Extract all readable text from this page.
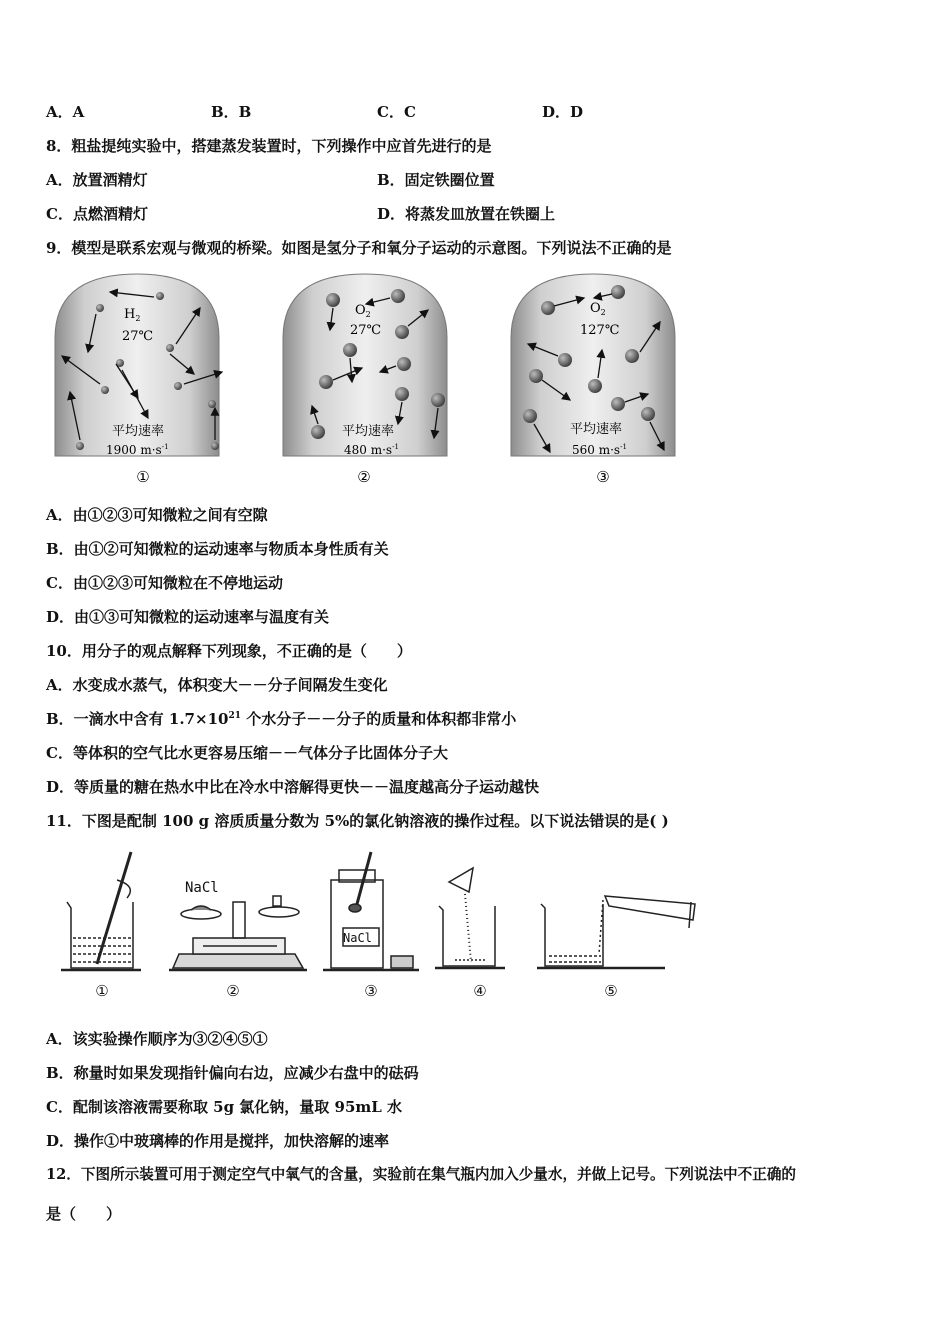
A．A	B．B	C．C	D．D
8．粗盐提纯实验中，搭建蒸发装置时，下列操作中应首先进行的是
A．放置酒精灯	B．固定铁圈位置
C．点燃酒精灯	D．将蒸发皿放置在铁圈上
9．模型是联系宏观与微观的桥梁。如图是氢分子和氧分子运动的示意图。下列说法不正确的是
$H_2$
27℃
平均速率
1900 $m\cdot s^{-1}$
①
$O_2$
27℃
平均速率
480 $m\cdot s^{-1}$
②
$O_2$
127℃
平均速率
560 $m\cdot s^{-1}$
③
A．由①②③可知微粒之间有空隙
B．由①②可知微粒的运动速率与物质本身性质有关
C．由①②③可知微粒在不停地运动
D．由①③可知微粒的运动速率与温度有关
10．用分子的观点解释下列现象，不正确的是（　　）
A．水变成水蒸气，体积变大－－分子间隔发生变化
B．一滴水中含有 $1.7\times 10^{21}$ 个水分子－－分子的质量和体积都非常小
C．等体积的空气比水更容易压缩－－气体分子比固体分子大
D．等质量的糖在热水中比在冷水中溶解得更快－－温度越高分子运动越快
11．下图是配制 100 g 溶质质量分数为 5%的氯化钠溶液的操作过程。以下说法错误的是( )
NaCl
NaCl
①	②	③	④	⑤
A．该实验操作顺序为③②④⑤①
B．称量时如果发现指针偏向右边，应减少右盘中的砝码
C．配制该溶液需要称取 5g 氯化钠，量取 95mL 水
D．操作①中玻璃棒的作用是搅拌，加快溶解的速率
12．下图所示装置可用于测定空气中氧气的含量，实验前在集气瓶内加入少量水，并做上记号。下列说法中不正确的
是（　　）
